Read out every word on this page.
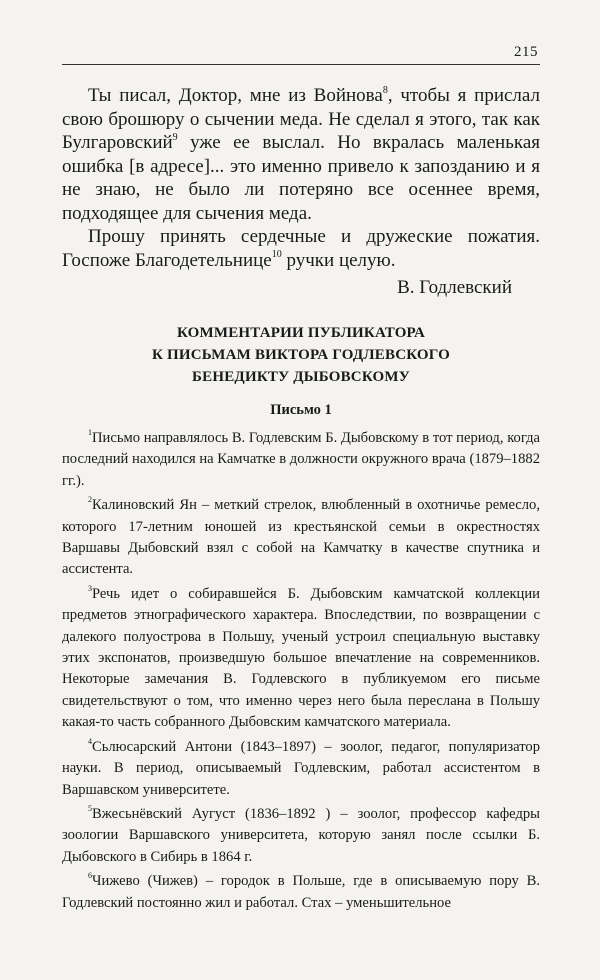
215

Ты писал, Доктор, мне из Войнова$^8$, чтобы я прислал свою брошюру о сычении меда. Не сделал я этого, так как Булгаровский$^9$ уже ее выслал. Но вкралась маленькая ошибка [в адресе]... это именно привело к запозданию и я не знаю, не было ли потеряно все осеннее время, подходящее для сычения меда.

Прошу принять сердечные и дружеские пожатия. Госпоже Благодетельнице$^{10}$ ручки целую.

В. Годлевский

КОММЕНТАРИИ ПУБЛИКАТОРА
К ПИСЬМАМ ВИКТОРА ГОДЛЕВСКОГО
БЕНЕДИКТУ ДЫБОВСКОМУ
Письмо 1

$^1$Письмо направлялось В. Годлевским Б. Дыбовскому в тот период, когда последний находился на Камчатке в должности окружного врача (1879–1882 гг.).

$^2$Калиновский Ян – меткий стрелок, влюбленный в охотничье ремесло, которого 17-летним юношей из крестьянской семьи в окрестностях Варшавы Дыбовский взял с собой на Камчатку в качестве спутника и ассистента.

$^3$Речь идет о собиравшейся Б. Дыбовским камчатской коллекции предметов этнографического характера. Впоследствии, по возвращении с далекого полуострова в Польшу, ученый устроил специальную выставку этих экспонатов, произведшую большое впечатление на современников. Некоторые замечания В. Годлевского в публикуемом его письме свидетельствуют о том, что именно через него была переслана в Польшу какая-то часть собранного Дыбовским камчатского материала.

$^4$Сьлюсарский Антони (1843–1897) – зоолог, педагог, популяризатор науки. В период, описываемый Годлевским, работал ассистентом в Варшавском университете.

$^5$Вжесьнёвский Аугуст (1836–1892 ) – зоолог, профессор кафедры зоологии Варшавского университета, которую занял после ссылки Б. Дыбовского в Сибирь в 1864 г.

$^6$Чижево (Чижев) – городок в Польше, где в описываемую пору В. Годлевский постоянно жил и работал. Стах – уменьшительное
